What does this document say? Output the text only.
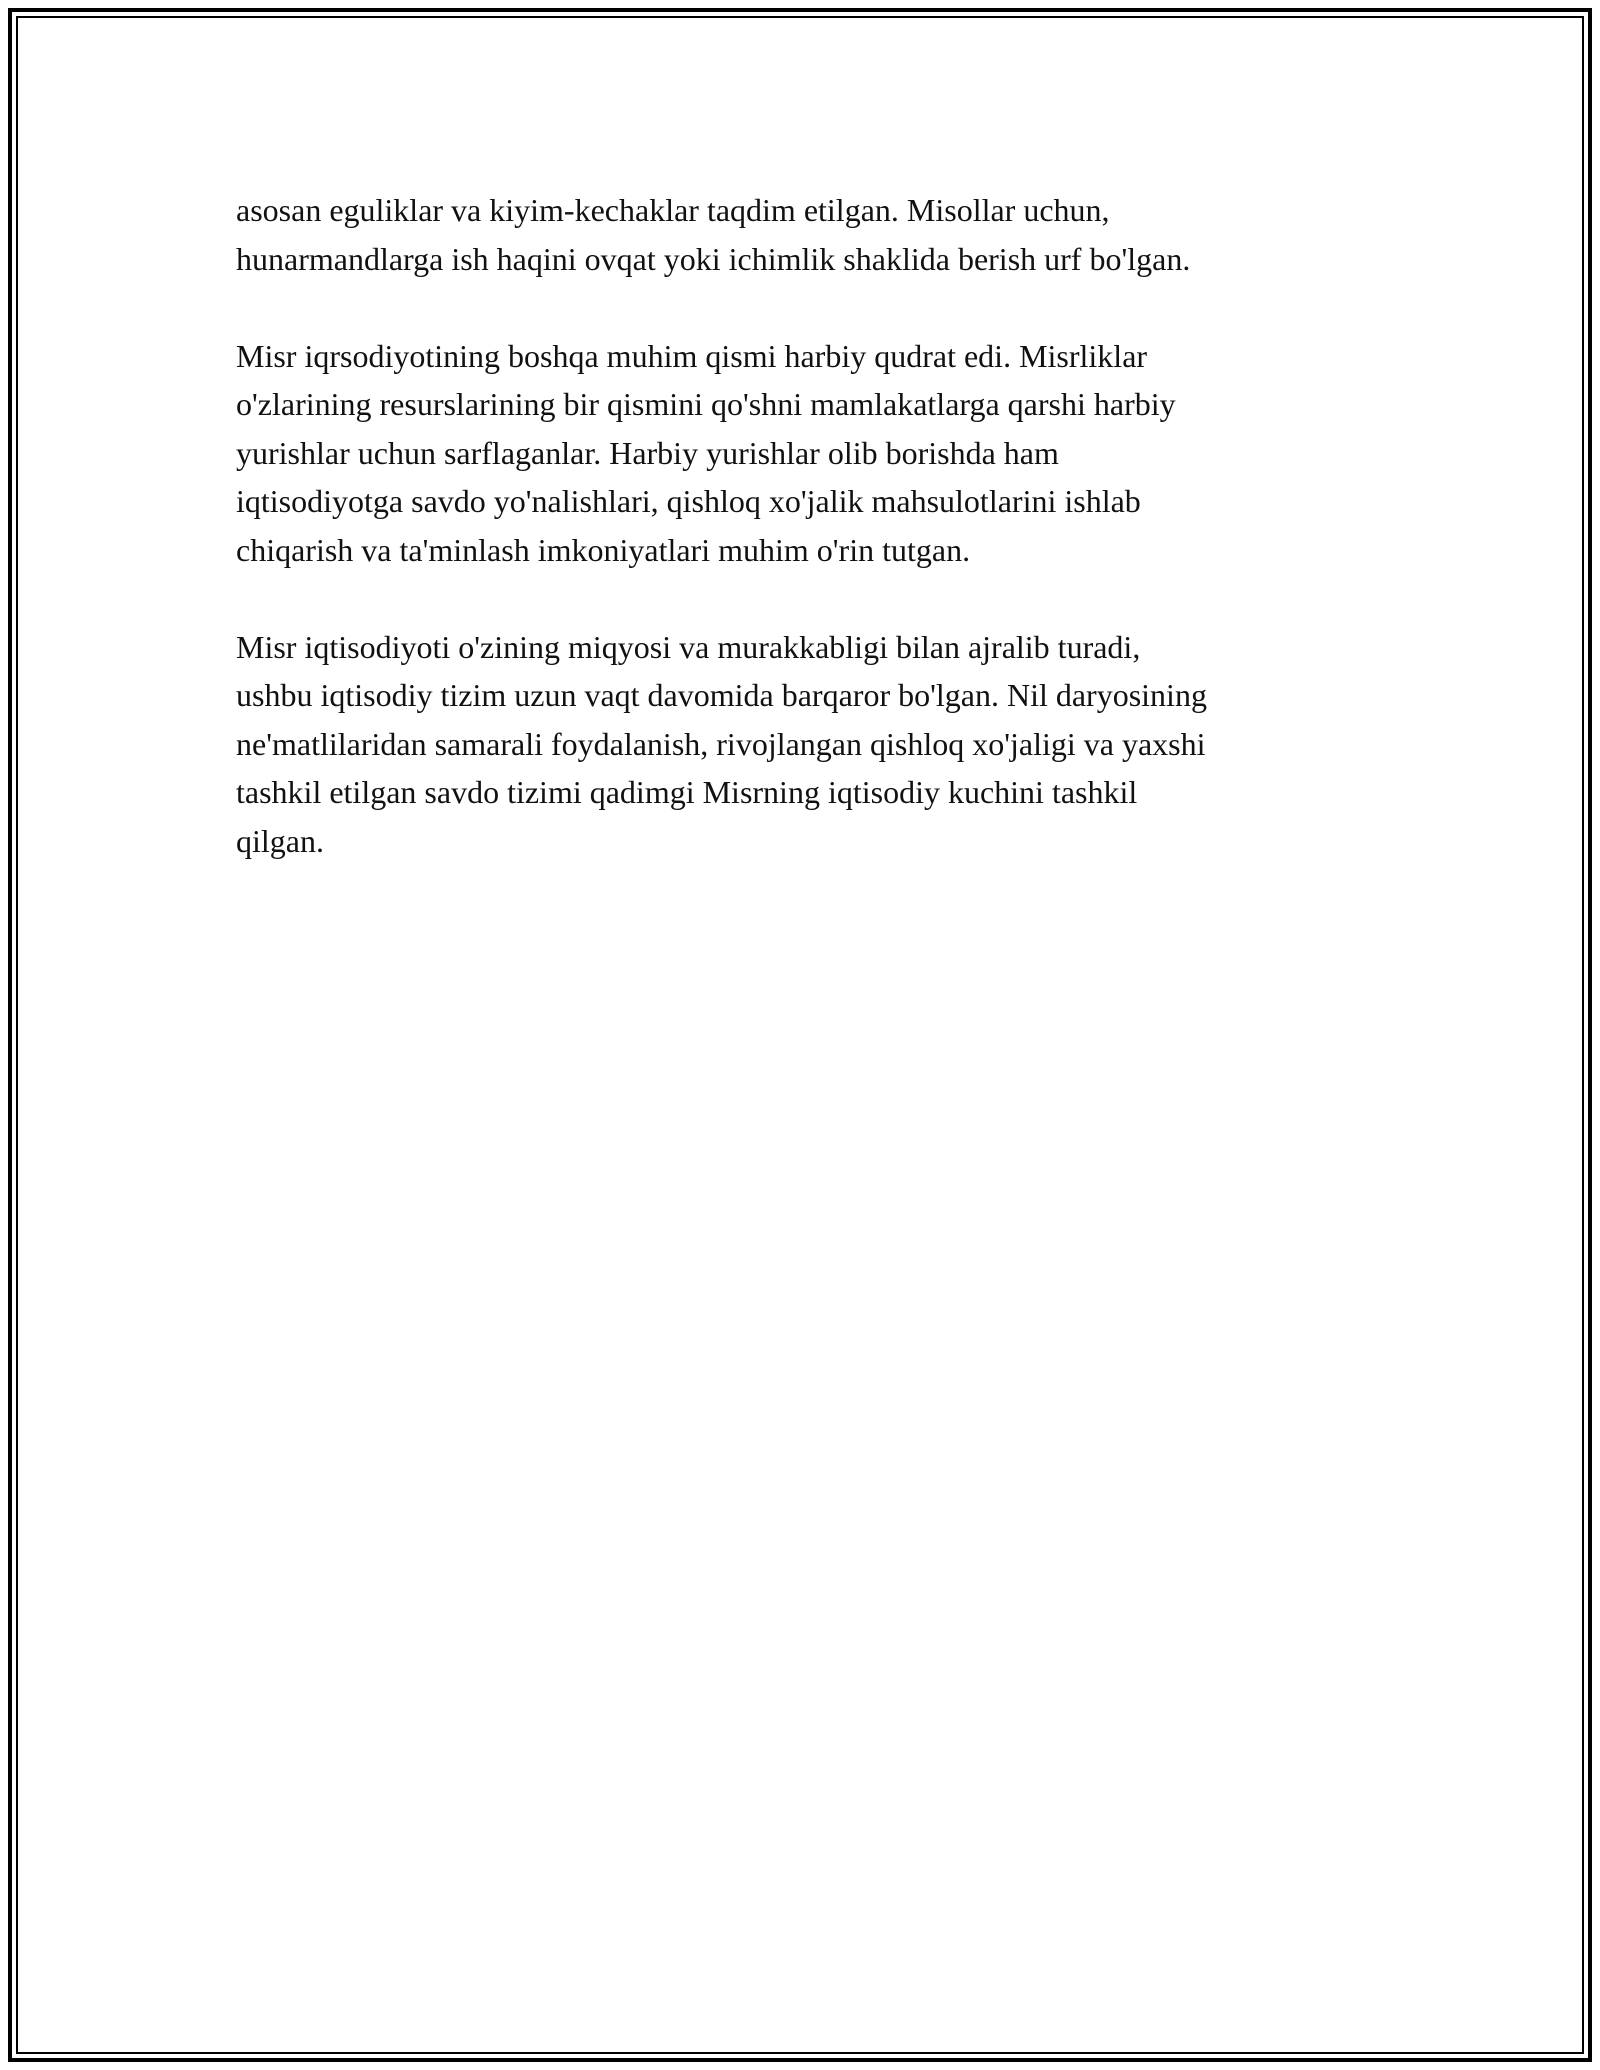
asosan eguliklar va kiyim-kechaklar taqdim etilgan. Misollar uchun,
hunarmandlarga ish haqini ovqat yoki ichimlik shaklida berish urf bo'lgan.

Misr iqrsodiyotining boshqa muhim qismi harbiy qudrat edi. Misrliklar
o'zlarining resurslarining bir qismini qo'shni mamlakatlarga qarshi harbiy
yurishlar uchun sarflaganlar. Harbiy yurishlar olib borishda ham
iqtisodiyotga savdo yo'nalishlari, qishloq xo'jalik mahsulotlarini ishlab
chiqarish va ta'minlash imkoniyatlari muhim o'rin tutgan.

Misr iqtisodiyoti o'zining miqyosi va murakkabligi bilan ajralib turadi,
ushbu iqtisodiy tizim uzun vaqt davomida barqaror bo'lgan. Nil daryosining
ne'matlilaridan samarali foydalanish, rivojlangan qishloq xo'jaligi va yaxshi
tashkil etilgan savdo tizimi qadimgi Misrning iqtisodiy kuchini tashkil
qilgan.
